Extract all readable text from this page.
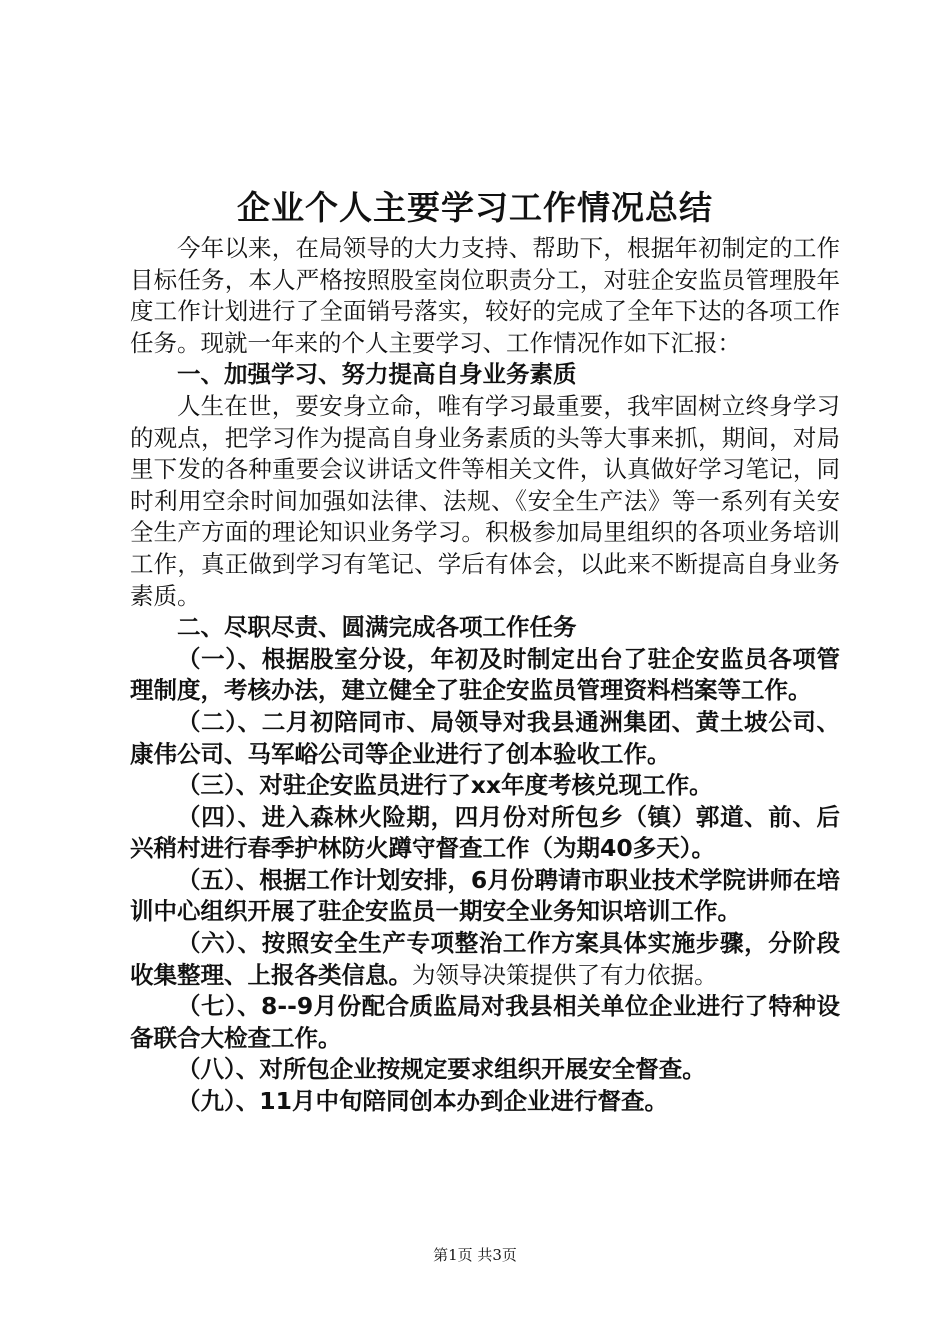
企业个人主要学习工作情况总结

今年以来，在局领导的大力支持、帮助下，根据年初制定的工作目标任务，本人严格按照股室岗位职责分工，对驻企安监员管理股年度工作计划进行了全面销号落实，较好的完成了全年下达的各项工作任务。现就一年来的个人主要学习、工作情况作如下汇报：

一、加强学习、努力提高自身业务素质

人生在世，要安身立命，唯有学习最重要，我牢固树立终身学习的观点，把学习作为提高自身业务素质的头等大事来抓，期间，对局里下发的各种重要会议讲话文件等相关文件，认真做好学习笔记，同时利用空余时间加强如法律、法规、《安全生产法》等一系列有关安全生产方面的理论知识业务学习。积极参加局里组织的各项业务培训工作，真正做到学习有笔记、学后有体会，以此来不断提高自身业务素质。

二、尽职尽责、圆满完成各项工作任务

（一）、根据股室分设，年初及时制定出台了驻企安监员各项管理制度，考核办法，建立健全了驻企安监员管理资料档案等工作。

（二）、二月初陪同市、局领导对我县通洲集团、黄土坡公司、康伟公司、马军峪公司等企业进行了创本验收工作。

（三）、对驻企安监员进行了xx年度考核兑现工作。

（四）、进入森林火险期，四月份对所包乡（镇）郭道、前、后兴稍村进行春季护林防火蹲守督查工作（为期40多天）。

（五）、根据工作计划安排，6月份聘请市职业技术学院讲师在培训中心组织开展了驻企安监员一期安全业务知识培训工作。

（六）、按照安全生产专项整治工作方案具体实施步骤，分阶段收集整理、上报各类信息。为领导决策提供了有力依据。

（七）、8--9月份配合质监局对我县相关单位企业进行了特种设备联合大检查工作。

（八）、对所包企业按规定要求组织开展安全督查。

（九）、11月中旬陪同创本办到企业进行督查。

第1页 共3页
